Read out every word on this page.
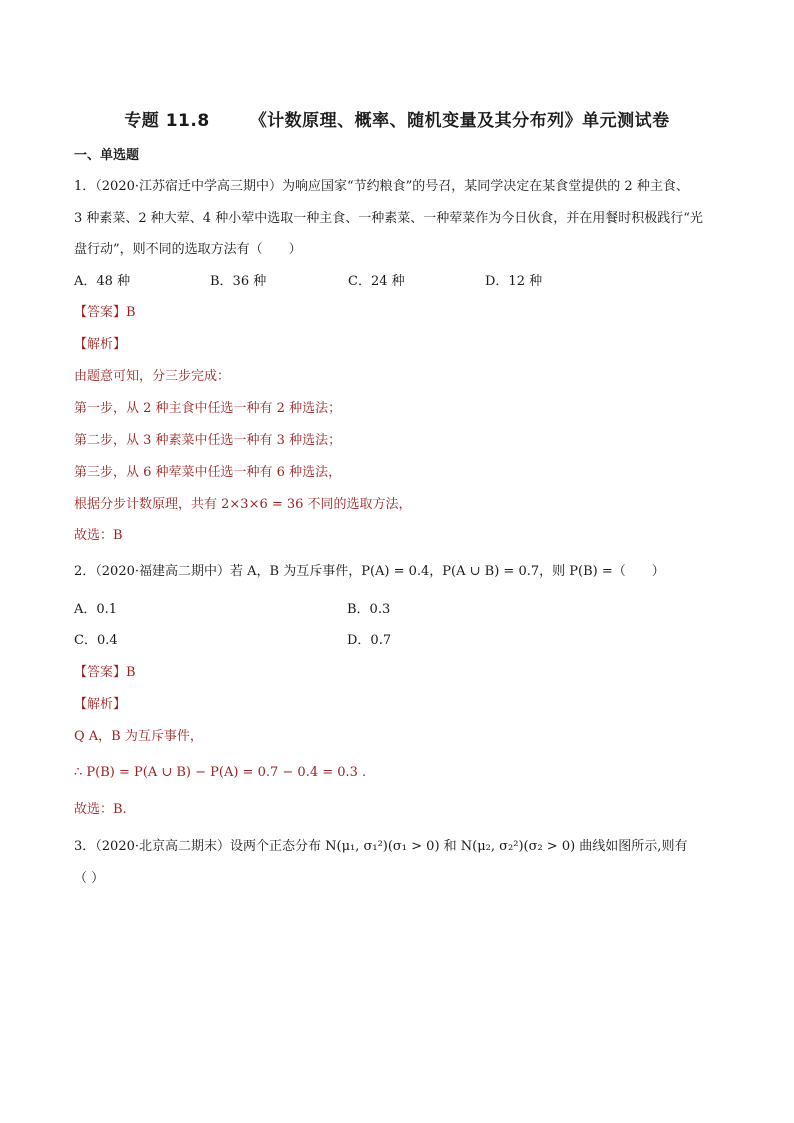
专题 11.8 《计数原理、概率、随机变量及其分布列》单元测试卷
一、单选题
1．（2020·江苏宿迁中学高三期中）为响应国家“节约粮食”的号召，某同学决定在某食堂提供的 2 种主食、
3 种素菜、2 种大荤、4 种小荤中选取一种主食、一种素菜、一种荤菜作为今日伙食，并在用餐时积极践行“光
盘行动”，则不同的选取方法有（　　）
A．48 种	B．36 种	C．24 种	D．12 种
【答案】B
【解析】
由题意可知，分三步完成：
第一步，从 2 种主食中任选一种有 2 种选法；
第二步，从 3 种素菜中任选一种有 3 种选法；
第三步，从 6 种荤菜中任选一种有 6 种选法，
根据分步计数原理，共有 2×3×6 = 36 不同的选取方法，
故选：B
2．（2020·福建高二期中）若 A，B 为互斥事件，P(A) = 0.4，P(A ∪ B) = 0.7，则 P(B) =（　　）
A．0.1	B．0.3
C．0.4	D．0.7
【答案】B
【解析】
Q A，B 为互斥事件，
∴ P(B) = P(A ∪ B) − P(A) = 0.7 − 0.4 = 0.3 .
故选：B.
3．（2020·北京高二期末）设两个正态分布 N(μ₁, σ₁²)(σ₁ > 0) 和 N(μ₂, σ₂²)(σ₂ > 0) 曲线如图所示,则有
（ ）
